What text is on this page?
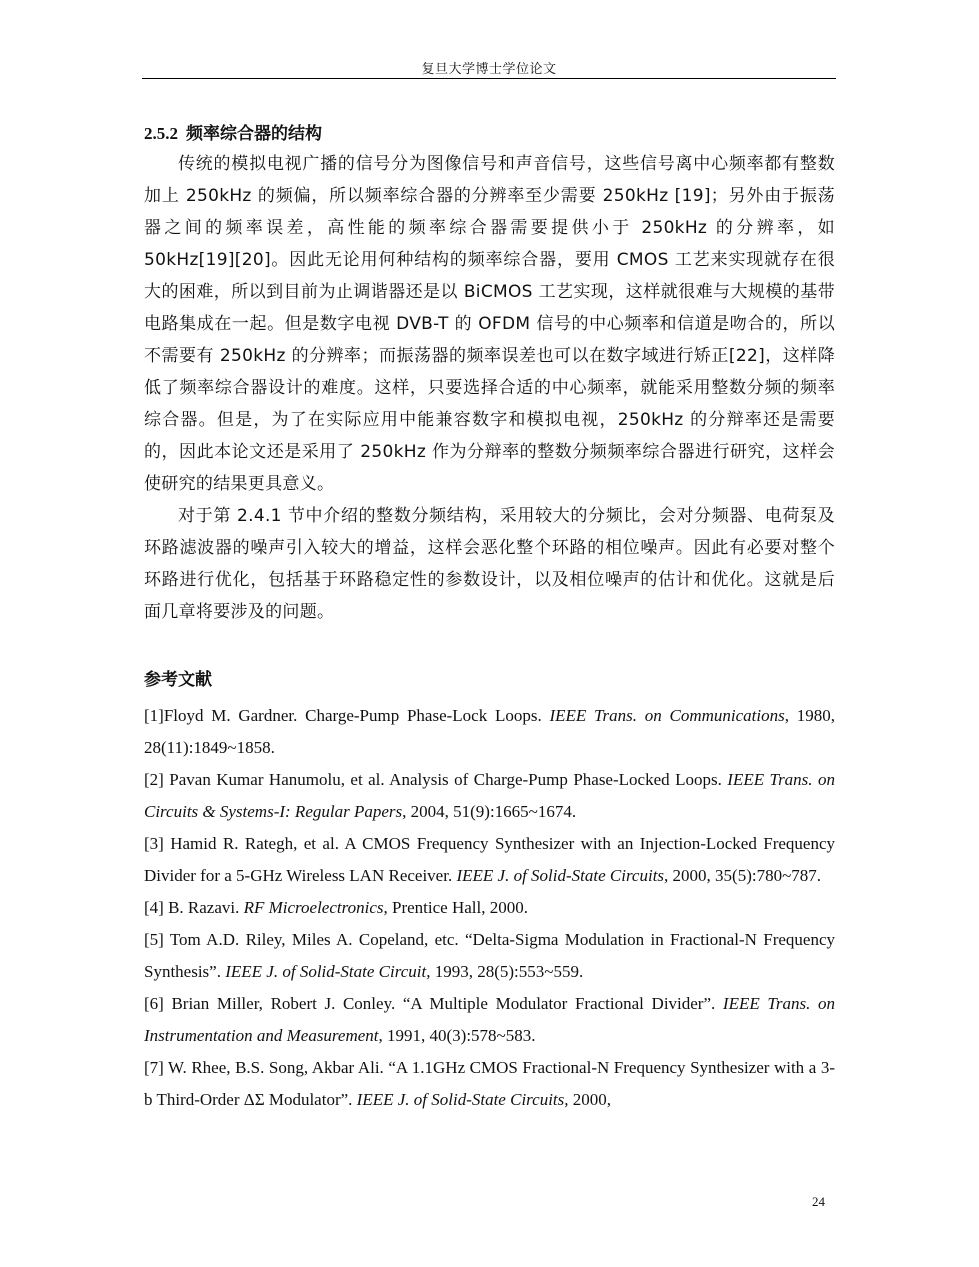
复旦大学博士学位论文
2.5.2 频率综合器的结构

传统的模拟电视广播的信号分为图像信号和声音信号，这些信号离中心频率都有整数加上 250kHz 的频偏，所以频率综合器的分辨率至少需要 250kHz [19]；另外由于振荡器之间的频率误差，高性能的频率综合器需要提供小于 250kHz 的分辨率，如 50kHz[19][20]。因此无论用何种结构的频率综合器，要用 CMOS 工艺来实现就存在很大的困难，所以到目前为止调谐器还是以 BiCMOS 工艺实现，这样就很难与大规模的基带电路集成在一起。但是数字电视 DVB-T 的 OFDM 信号的中心频率和信道是吻合的，所以不需要有 250kHz 的分辨率；而振荡器的频率误差也可以在数字域进行矫正[22]，这样降低了频率综合器设计的难度。这样，只要选择合适的中心频率，就能采用整数分频的频率综合器。但是，为了在实际应用中能兼容数字和模拟电视，250kHz 的分辩率还是需要的，因此本论文还是采用了 250kHz 作为分辩率的整数分频频率综合器进行研究，这样会使研究的结果更具意义。

对于第 2.4.1 节中介绍的整数分频结构，采用较大的分频比，会对分频器、电荷泵及环路滤波器的噪声引入较大的增益，这样会恶化整个环路的相位噪声。因此有必要对整个环路进行优化，包括基于环路稳定性的参数设计，以及相位噪声的估计和优化。这就是后面几章将要涉及的问题。

参考文献

[1]Floyd M. Gardner. Charge-Pump Phase-Lock Loops. IEEE Trans. on Communications, 1980, 28(11):1849~1858.

[2] Pavan Kumar Hanumolu, et al. Analysis of Charge-Pump Phase-Locked Loops. IEEE Trans. on Circuits & Systems-I: Regular Papers, 2004, 51(9):1665~1674.

[3] Hamid R. Rategh, et al. A CMOS Frequency Synthesizer with an Injection-Locked Frequency Divider for a 5-GHz Wireless LAN Receiver. IEEE J. of Solid-State Circuits, 2000, 35(5):780~787.

[4] B. Razavi. RF Microelectronics, Prentice Hall, 2000.

[5] Tom A.D. Riley, Miles A. Copeland, etc. “Delta-Sigma Modulation in Fractional-N Frequency Synthesis”. IEEE J. of Solid-State Circuit, 1993, 28(5):553~559.

[6] Brian Miller, Robert J. Conley. “A Multiple Modulator Fractional Divider”. IEEE Trans. on Instrumentation and Measurement, 1991, 40(3):578~583.

[7] W. Rhee, B.S. Song, Akbar Ali. “A 1.1GHz CMOS Fractional-N Frequency Synthesizer with a 3-b Third-Order ΔΣ Modulator”. IEEE J. of Solid-State Circuits, 2000,

24
